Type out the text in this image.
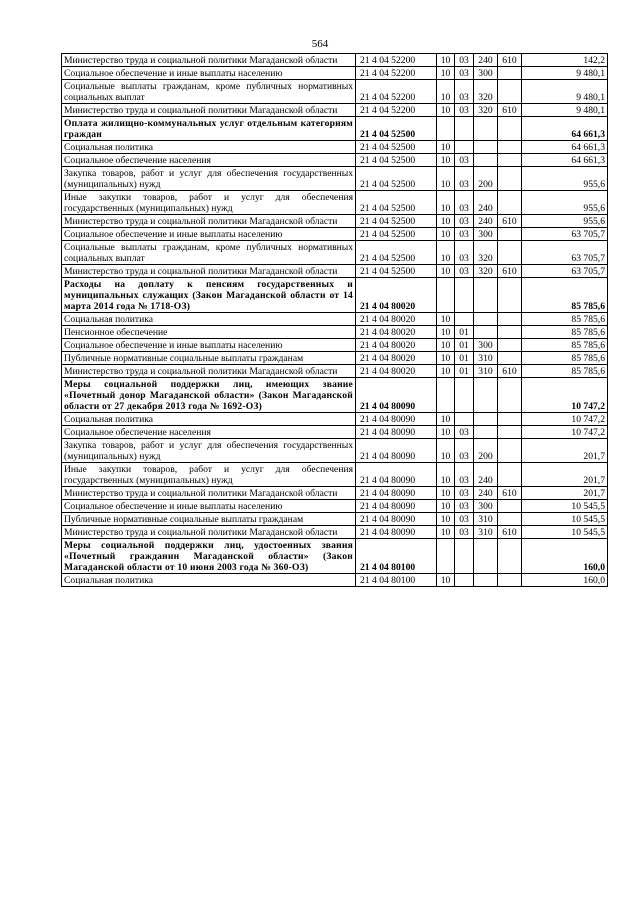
564
Министерство труда и социальной политики Магаданской области	21 4 04 52200	10	03	240	610	142,2
Социальное обеспечение и иные выплаты населению	21 4 04 52200	10	03	300		9 480,1
Социальные выплаты гражданам, кроме публичных нормативных социальных выплат	21 4 04 52200	10	03	320		9 480,1
Министерство труда и социальной политики Магаданской области	21 4 04 52200	10	03	320	610	9 480,1
Оплата жилищно-коммунальных услуг отдельным категориям граждан	21 4 04 52500					64 661,3
Социальная политика	21 4 04 52500	10				64 661,3
Социальное обеспечение населения	21 4 04 52500	10	03			64 661,3
Закупка товаров, работ и услуг для обеспечения государственных (муниципальных) нужд	21 4 04 52500	10	03	200		955,6
Иные закупки товаров, работ и услуг для обеспечения государственных (муниципальных) нужд	21 4 04 52500	10	03	240		955,6
Министерство труда и социальной политики Магаданской области	21 4 04 52500	10	03	240	610	955,6
Социальное обеспечение и иные выплаты населению	21 4 04 52500	10	03	300		63 705,7
Социальные выплаты гражданам, кроме публичных нормативных социальных выплат	21 4 04 52500	10	03	320		63 705,7
Министерство труда и социальной политики Магаданской области	21 4 04 52500	10	03	320	610	63 705,7
Расходы на доплату к пенсиям государственных и муниципальных служащих (Закон Магаданской области от 14 марта 2014 года № 1718-ОЗ)	21 4 04 80020					85 785,6
Социальная политика	21 4 04 80020	10				85 785,6
Пенсионное обеспечение	21 4 04 80020	10	01			85 785,6
Социальное обеспечение и иные выплаты населению	21 4 04 80020	10	01	300		85 785,6
Публичные нормативные социальные выплаты гражданам	21 4 04 80020	10	01	310		85 785,6
Министерство труда и социальной политики Магаданской области	21 4 04 80020	10	01	310	610	85 785,6
Меры социальной поддержки лиц, имеющих звание «Почетный донор Магаданской области» (Закон Магаданской области от 27 декабря 2013 года № 1692-ОЗ)	21 4 04 80090					10 747,2
Социальная политика	21 4 04 80090	10				10 747,2
Социальное обеспечение населения	21 4 04 80090	10	03			10 747,2
Закупка товаров, работ и услуг для обеспечения государственных (муниципальных) нужд	21 4 04 80090	10	03	200		201,7
Иные закупки товаров, работ и услуг для обеспечения государственных (муниципальных) нужд	21 4 04 80090	10	03	240		201,7
Министерство труда и социальной политики Магаданской области	21 4 04 80090	10	03	240	610	201,7
Социальное обеспечение и иные выплаты населению	21 4 04 80090	10	03	300		10 545,5
Публичные нормативные социальные выплаты гражданам	21 4 04 80090	10	03	310		10 545,5
Министерство труда и социальной политики Магаданской области	21 4 04 80090	10	03	310	610	10 545,5
Меры социальной поддержки лиц, удостоенных звания «Почетный гражданин Магаданской области» (Закон Магаданской области от 10 июня 2003 года № 360-ОЗ)	21 4 04 80100					160,0
Социальная политика	21 4 04 80100	10				160,0
